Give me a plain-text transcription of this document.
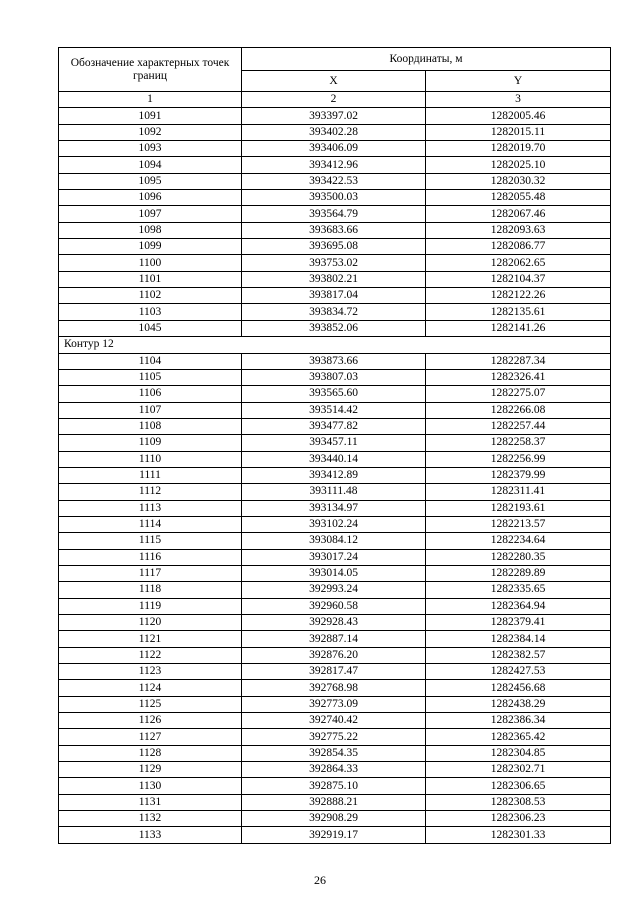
Обозначение характерных точек границ	Координаты, м	
	X	Y
1	2	3
1091	393397.02	1282005.46
1092	393402.28	1282015.11
1093	393406.09	1282019.70
1094	393412.96	1282025.10
1095	393422.53	1282030.32
1096	393500.03	1282055.48
1097	393564.79	1282067.46
1098	393683.66	1282093.63
1099	393695.08	1282086.77
1100	393753.02	1282062.65
1101	393802.21	1282104.37
1102	393817.04	1282122.26
1103	393834.72	1282135.61
1045	393852.06	1282141.26
Контур 12		
1104	393873.66	1282287.34
1105	393807.03	1282326.41
1106	393565.60	1282275.07
1107	393514.42	1282266.08
1108	393477.82	1282257.44
1109	393457.11	1282258.37
1110	393440.14	1282256.99
1111	393412.89	1282379.99
1112	393111.48	1282311.41
1113	393134.97	1282193.61
1114	393102.24	1282213.57
1115	393084.12	1282234.64
1116	393017.24	1282280.35
1117	393014.05	1282289.89
1118	392993.24	1282335.65
1119	392960.58	1282364.94
1120	392928.43	1282379.41
1121	392887.14	1282384.14
1122	392876.20	1282382.57
1123	392817.47	1282427.53
1124	392768.98	1282456.68
1125	392773.09	1282438.29
1126	392740.42	1282386.34
1127	392775.22	1282365.42
1128	392854.35	1282304.85
1129	392864.33	1282302.71
1130	392875.10	1282306.65
1131	392888.21	1282308.53
1132	392908.29	1282306.23
1133	392919.17	1282301.33
26
